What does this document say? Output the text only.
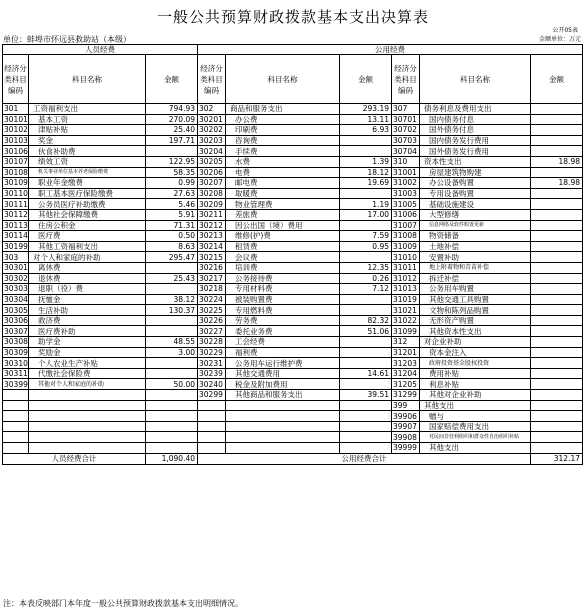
一般公共预算财政拨款基本支出决算表
公开05表
单位：蚌埠市怀远县救助站（本级）	金额单位：万元
人员经费			公用经费					
经济分类科目编码	科目名称	金额	经济分类科目编码	科目名称	金额	经济分类科目编码	科目名称	金额
301	工资福利支出	794.93	302	商品和服务支出	293.19	307	债务利息及费用支出	
30101	基本工资	270.09	30201	办公费	13.11	30701	国内债务付息	
30102	津贴补贴	25.40	30202	印刷费	6.93	30702	国外债务付息	
30103	奖金	197.71	30203	咨询费		30703	国内债务发行费用	
30106	伙食补助费		30204	手续费		30704	国外债务发行费用	
30107	绩效工资	122.95	30205	水费	1.39	310	资本性支出	18.98
30108	机关事业单位基本养老保险缴费	58.35	30206	电费	18.12	31001	房屋建筑物购建	
30109	职业年金缴费	0.99	30207	邮电费	19.69	31002	办公设备购置	18.98
30110	职工基本医疗保险缴费	27.63	30208	取暖费		31003	专用设备购置	
30111	公务员医疗补助缴费	5.46	30209	物业管理费	1.19	31005	基础设施建设	
30112	其他社会保障缴费	5.91	30211	差旅费	17.00	31006	大型修缮	
30113	住房公积金	71.31	30212	因公出国（境）费用		31007	信息网络及软件购置更新	
30114	医疗费	0.50	30213	维修(护)费	7.59	31008	物资储备	
30199	其他工资福利支出	8.63	30214	租赁费	0.95	31009	土地补偿	
303	对个人和家庭的补助	295.47	30215	会议费		31010	安置补助	
30301	离休费		30216	培训费	12.35	31011	地上附着物和青苗补偿	
30302	退休费	25.43	30217	公务接待费	0.26	31012	拆迁补偿	
30303	退职（役）费		30218	专用材料费	7.12	31013	公务用车购置	
30304	抚恤金	38.12	30224	被装购置费		31019	其他交通工具购置	
30305	生活补助	130.37	30225	专用燃料费		31021	文物和陈列品购置	
30306	救济费		30226	劳务费	82.32	31022	无形资产购置	
30307	医疗费补助		30227	委托业务费	51.06	31099	其他资本性支出	
30308	助学金	48.55	30228	工会经费		312	对企业补助	
30309	奖励金	3.00	30229	福利费		31201	资本金注入	
30310	个人农业生产补贴		30231	公务用车运行维护费		31203	政府投资基金股权投资	
30311	代缴社会保险费		30239	其他交通费用	14.61	31204	费用补贴	
30399	其他对个人和家庭的补助	50.00	30240	税金及附加费用		31205	利息补贴	
			30299	其他商品和服务支出	39.51	31299	其他对企业补助	
						399	其他支出	
						39906	赠与	
						39907	国家赔偿费用支出	
						39908	对民间非营利组织和群众性自治组织补贴	
						39999	其他支出	
人员经费合计		1,090.40	公用经费合计					312.17
注：本表反映部门本年度一般公共预算财政拨款基本支出明细情况。
